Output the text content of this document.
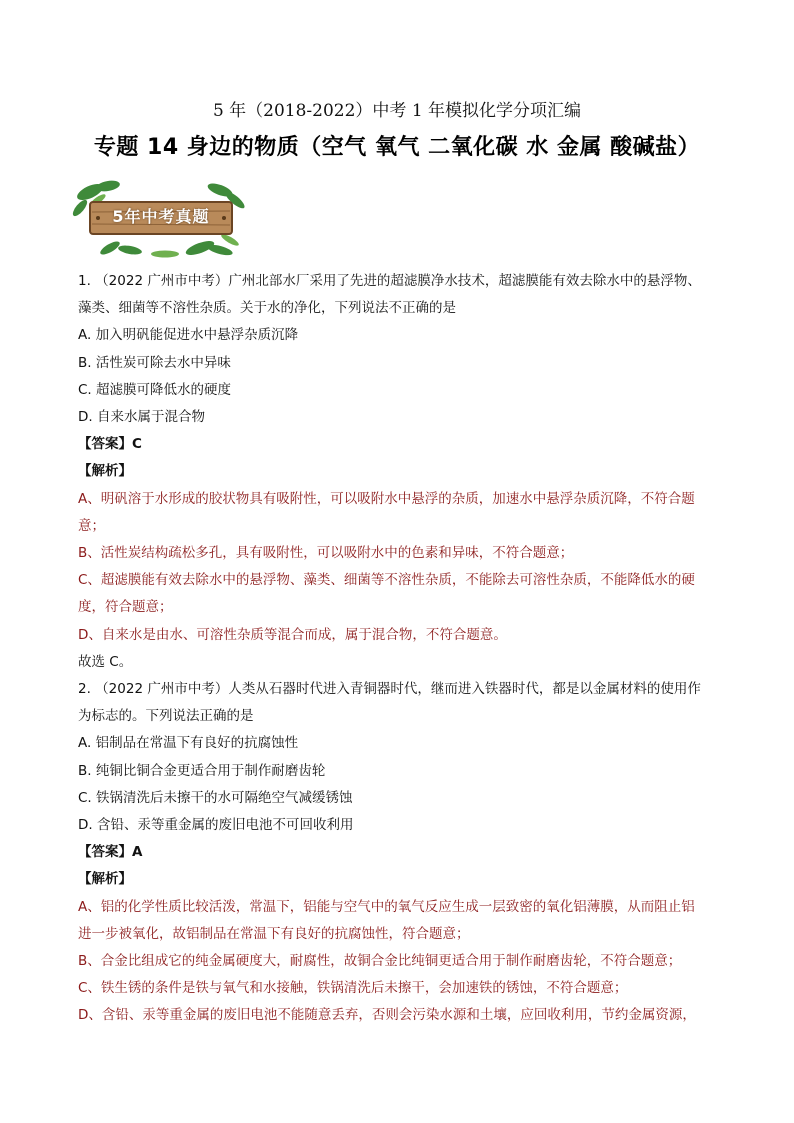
5 年（2018-2022）中考 1 年模拟化学分项汇编
专题 14 身边的物质（空气 氧气 二氧化碳 水 金属 酸碱盐）
5年中考真题
1. （2022 广州市中考）广州北部水厂采用了先进的超滤膜净水技术，超滤膜能有效去除水中的悬浮物、
藻类、细菌等不溶性杂质。关于水的净化，下列说法不正确的是
A. 加入明矾能促进水中悬浮杂质沉降
B. 活性炭可除去水中异味
C. 超滤膜可降低水的硬度
D. 自来水属于混合物
【答案】C
【解析】
A、明矾溶于水形成的胶状物具有吸附性，可以吸附水中悬浮的杂质，加速水中悬浮杂质沉降，不符合题
意；
B、活性炭结构疏松多孔，具有吸附性，可以吸附水中的色素和异味，不符合题意；
C、超滤膜能有效去除水中的悬浮物、藻类、细菌等不溶性杂质，不能除去可溶性杂质，不能降低水的硬
度，符合题意；
D、自来水是由水、可溶性杂质等混合而成，属于混合物，不符合题意。
故选 C。
2. （2022 广州市中考）人类从石器时代进入青铜器时代，继而进入铁器时代，都是以金属材料的使用作
为标志的。下列说法正确的是
A. 铝制品在常温下有良好的抗腐蚀性
B. 纯铜比铜合金更适合用于制作耐磨齿轮
C. 铁锅清洗后未擦干的水可隔绝空气减缓锈蚀
D. 含铅、汞等重金属的废旧电池不可回收利用
【答案】A
【解析】
A、铝的化学性质比较活泼，常温下，铝能与空气中的氧气反应生成一层致密的氧化铝薄膜，从而阻止铝
进一步被氧化，故铝制品在常温下有良好的抗腐蚀性，符合题意；
B、合金比组成它的纯金属硬度大，耐腐性，故铜合金比纯铜更适合用于制作耐磨齿轮，不符合题意；
C、铁生锈的条件是铁与氧气和水接触，铁锅清洗后未擦干，会加速铁的锈蚀，不符合题意；
D、含铅、汞等重金属的废旧电池不能随意丢弃，否则会污染水源和土壤，应回收利用，节约金属资源，
